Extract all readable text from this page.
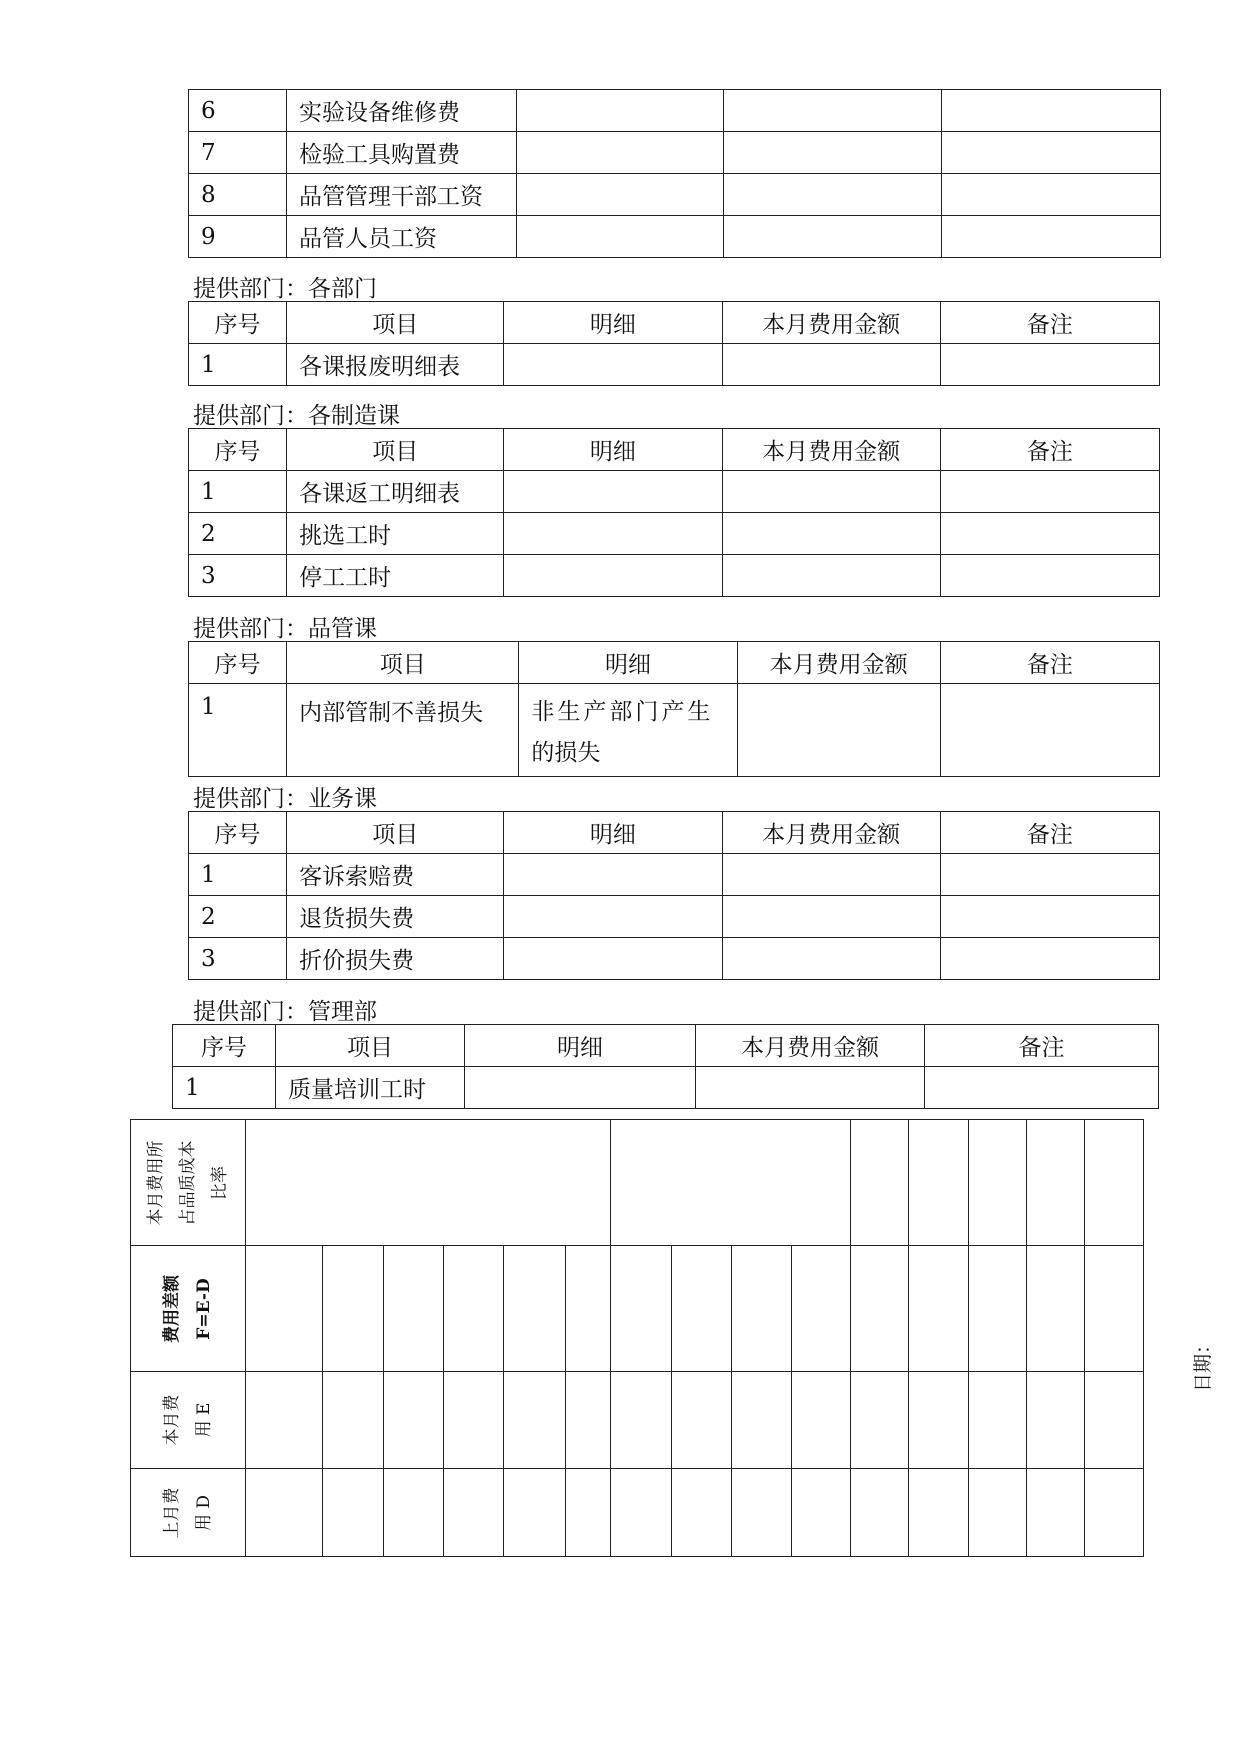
6	实验设备维修费			
7	检验工具购置费			
8	品管管理干部工资			
9	品管人员工资			
提供部门：各部门
序号	项目	明细	本月费用金额	备注
1	各课报废明细表			
提供部门：各制造课
序号	项目	明细	本月费用金额	备注
1	各课返工明细表			
2	挑选工时			
3	停工工时			
提供部门：品管课
序号	项目	明细	本月费用金额	备注
1	内部管制不善损失	非生产部门产生
的损失		

提供部门：业务课
序号	项目	明细	本月费用金额	备注
1	客诉索赔费			
2	退货损失费			
3	折价损失费			
提供部门：管理部
序号	项目	明细	本月费用金额	备注
1	质量培训工时			
本月费用所
占品质成本
比率															

费用差额
F=E-D															

本月费
用 E															

上月费
用 D															

日期：
